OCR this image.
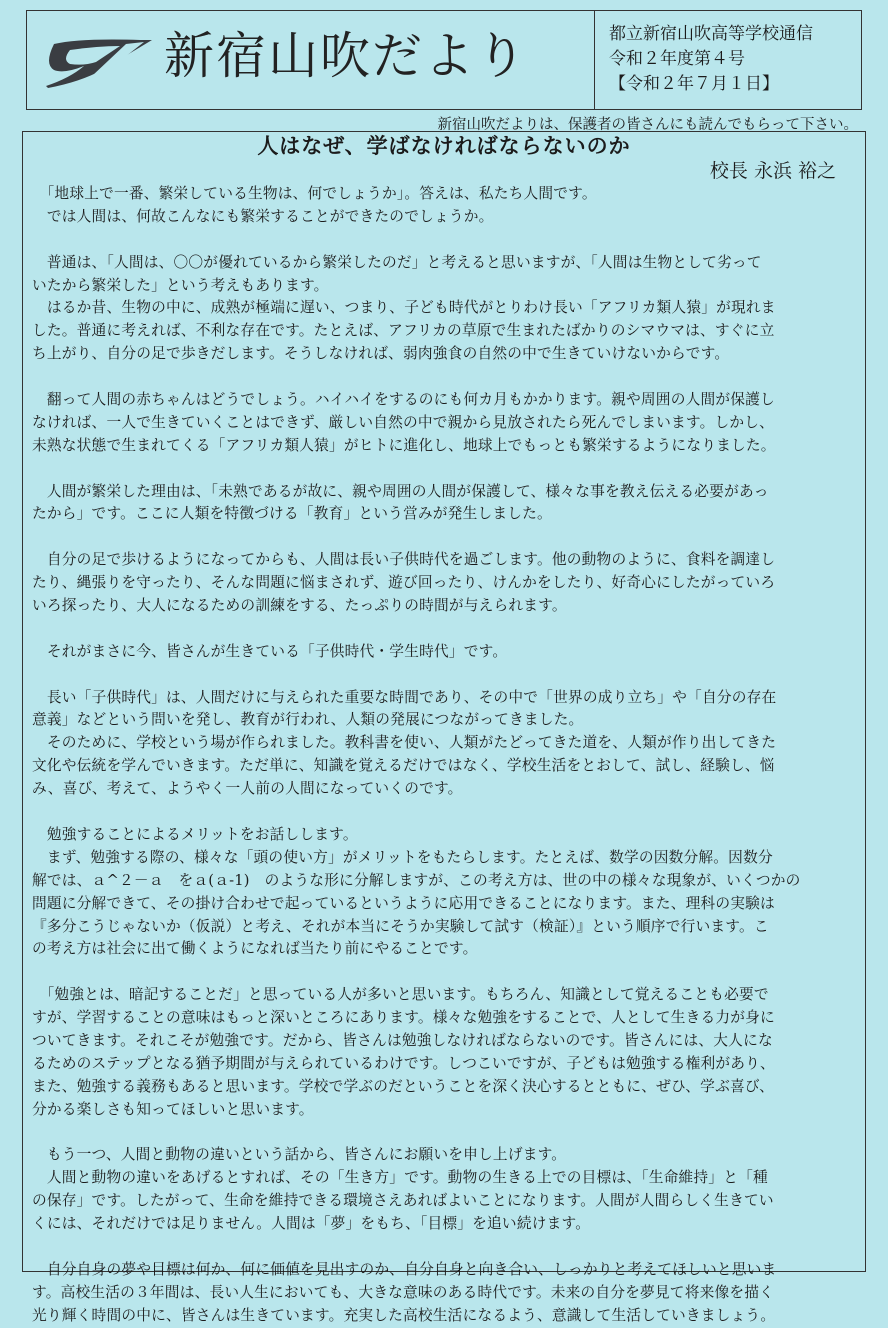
新宿山吹だより	都立新宿山吹高等学校通信
令和２年度第４号
【令和２年７月１日】
新宿山吹だよりは、保護者の皆さんにも読んでもらって下さい。
人はなぜ、学ばなければならないのか
校長 永浜 裕之
　「地球上で一番、繁栄している生物は、何でしょうか」。答えは、私たち人間です。
　では人間は、何故こんなにも繁栄することができたのでしょうか。
　普通は、「人間は、〇〇が優れているから繁栄したのだ」と考えると思いますが、「人間は生物として劣って
いたから繁栄した」という考えもあります。
　はるか昔、生物の中に、成熟が極端に遅い、つまり、子ども時代がとりわけ長い「アフリカ類人猿」が現れま
した。普通に考えれば、不利な存在です。たとえば、アフリカの草原で生まれたばかりのシマウマは、すぐに立
ち上がり、自分の足で歩きだします。そうしなければ、弱肉強食の自然の中で生きていけないからです。
　翻って人間の赤ちゃんはどうでしょう。ハイハイをするのにも何カ月もかかります。親や周囲の人間が保護し
なければ、一人で生きていくことはできず、厳しい自然の中で親から見放されたら死んでしまいます。しかし、
未熟な状態で生まれてくる「アフリカ類人猿」がヒトに進化し、地球上でもっとも繁栄するようになりました。
　人間が繁栄した理由は、「未熟であるが故に、親や周囲の人間が保護して、様々な事を教え伝える必要があっ
たから」です。ここに人類を特徴づける「教育」という営みが発生しました。
　自分の足で歩けるようになってからも、人間は長い子供時代を過ごします。他の動物のように、食料を調達し
たり、縄張りを守ったり、そんな問題に悩まされず、遊び回ったり、けんかをしたり、好奇心にしたがっていろ
いろ探ったり、大人になるための訓練をする、たっぷりの時間が与えられます。
　それがまさに今、皆さんが生きている「子供時代・学生時代」です。
　長い「子供時代」は、人間だけに与えられた重要な時間であり、その中で「世界の成り立ち」や「自分の存在
意義」などという問いを発し、教育が行われ、人類の発展につながってきました。
　そのために、学校という場が作られました。教科書を使い、人類がたどってきた道を、人類が作り出してきた
文化や伝統を学んでいきます。ただ単に、知識を覚えるだけではなく、学校生活をとおして、試し、経験し、悩
み、喜び、考えて、ようやく一人前の人間になっていくのです。
　勉強することによるメリットをお話しします。
　まず、勉強する際の、様々な「頭の使い方」がメリットをもたらします。たとえば、数学の因数分解。因数分
解では、ａ^２－ａ　をａ(ａ-1)　のような形に分解しますが、この考え方は、世の中の様々な現象が、いくつかの
問題に分解できて、その掛け合わせで起っているというように応用できることになります。また、理科の実験は
『多分こうじゃないか（仮説）と考え、それが本当にそうか実験して試す（検証）』という順序で行います。こ
の考え方は社会に出て働くようになれば当たり前にやることです。
　「勉強とは、暗記することだ」と思っている人が多いと思います。もちろん、知識として覚えることも必要で
すが、学習することの意味はもっと深いところにあります。様々な勉強をすることで、人として生きる力が身に
ついてきます。それこそが勉強です。だから、皆さんは勉強しなければならないのです。皆さんには、大人にな
るためのステップとなる猶予期間が与えられているわけです。しつこいですが、子どもは勉強する権利があり、
また、勉強する義務もあると思います。学校で学ぶのだということを深く決心するとともに、ぜひ、学ぶ喜び、
分かる楽しさも知ってほしいと思います。
　もう一つ、人間と動物の違いという話から、皆さんにお願いを申し上げます。
　人間と動物の違いをあげるとすれば、その「生き方」です。動物の生きる上での目標は、「生命維持」と「種
の保存」です。したがって、生命を維持できる環境さえあればよいことになります。人間が人間らしく生きてい
くには、それだけでは足りません。人間は「夢」をもち、「目標」を追い続けます。
　自分自身の夢や目標は何か、何に価値を見出すのか、自分自身と向き合い、しっかりと考えてほしいと思いま
す。高校生活の３年間は、長い人生においても、大きな意味のある時代です。未来の自分を夢見て将来像を描く
光り輝く時間の中に、皆さんは生きています。充実した高校生活になるよう、意識して生活していきましょう。
